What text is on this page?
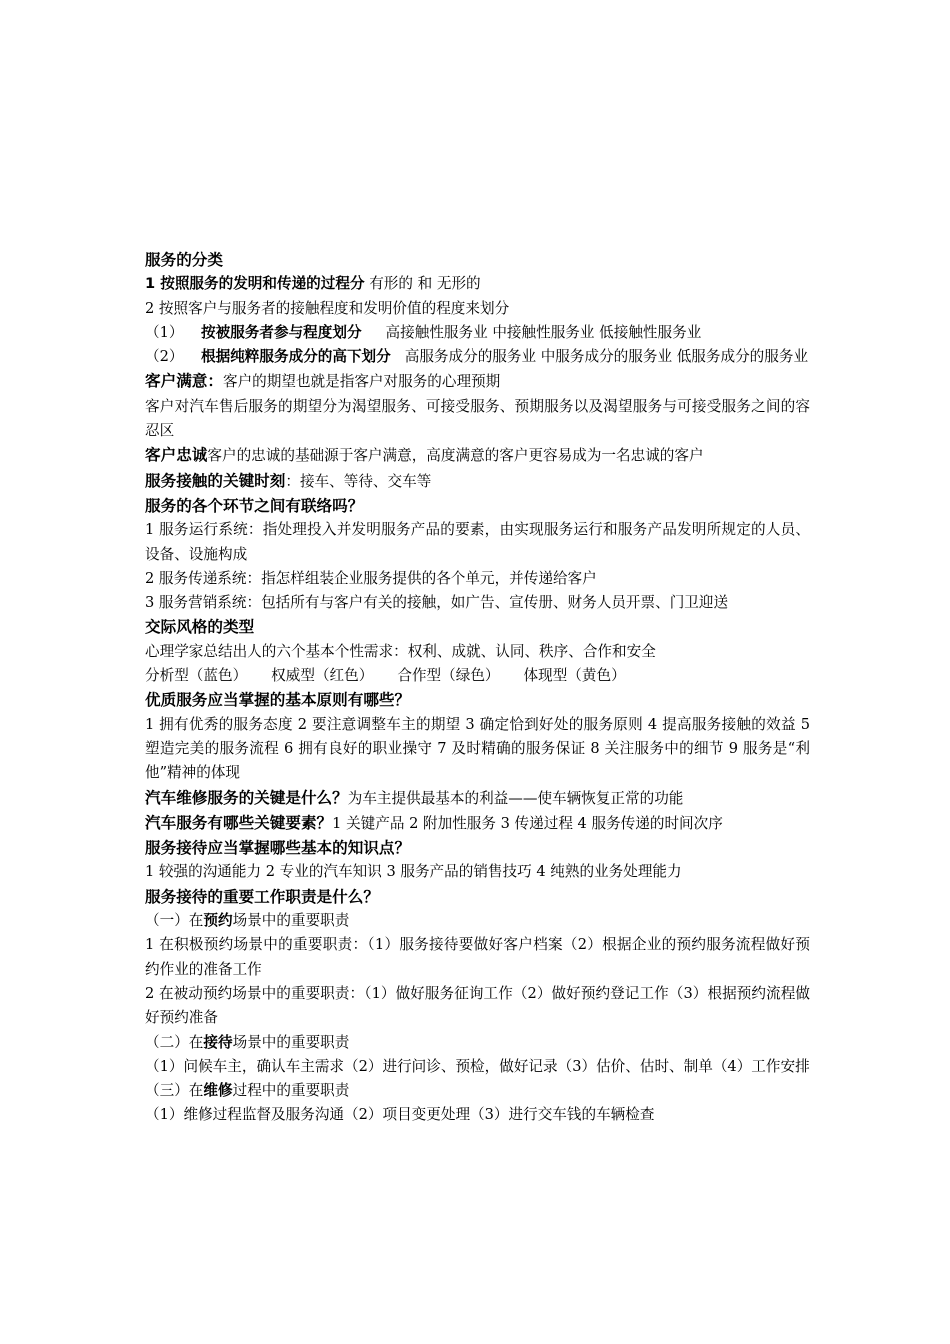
服务的分类

1 按照服务的发明和传递的过程分 有形的 和 无形的

2 按照客户与服务者的接触程度和发明价值的程度来划分

（1）	按被服务者参与程度划分 高接触性服务业 中接触性服务业 低接触性服务业
（2）	根据纯粹服务成分的高下划分 高服务成分的服务业 中服务成分的服务业 低服务成分的服务业

客户满意：客户的期望也就是指客户对服务的心理预期

客户对汽车售后服务的期望分为渴望服务、可接受服务、预期服务以及渴望服务与可接受服务之间的容忍区

客户忠诚客户的忠诚的基础源于客户满意，高度满意的客户更容易成为一名忠诚的客户

服务接触的关键时刻：接车、等待、交车等

服务的各个环节之间有联络吗？

1 服务运行系统：指处理投入并发明服务产品的要素，由实现服务运行和服务产品发明所规定的人员、设备、设施构成

2 服务传递系统：指怎样组装企业服务提供的各个单元，并传递给客户

3 服务营销系统：包括所有与客户有关的接触，如广告、宣传册、财务人员开票、门卫迎送

交际风格的类型

心理学家总结出人的六个基本个性需求：权利、成就、认同、秩序、合作和安全

分析型（蓝色） 权威型（红色） 合作型（绿色） 体现型（黄色）

优质服务应当掌握的基本原则有哪些？

1 拥有优秀的服务态度 2 要注意调整车主的期望 3 确定恰到好处的服务原则 4 提高服务接触的效益 5 塑造完美的服务流程 6 拥有良好的职业操守 7 及时精确的服务保证 8 关注服务中的细节 9 服务是“利他”精神的体现

汽车维修服务的关键是什么？为车主提供最基本的利益——使车辆恢复正常的功能

汽车服务有哪些关键要素？1 关键产品 2 附加性服务 3 传递过程 4 服务传递的时间次序

服务接待应当掌握哪些基本的知识点？

1 较强的沟通能力 2 专业的汽车知识 3 服务产品的销售技巧 4 纯熟的业务处理能力

服务接待的重要工作职责是什么？

（一）在预约场景中的重要职责

1 在积极预约场景中的重要职责：（1）服务接待要做好客户档案（2）根据企业的预约服务流程做好预约作业的准备工作

2 在被动预约场景中的重要职责：（1）做好服务征询工作（2）做好预约登记工作（3）根据预约流程做好预约准备

（二）在接待场景中的重要职责

（1）问候车主，确认车主需求（2）进行问诊、预检，做好记录（3）估价、估时、制单（4）工作安排

（三）在维修过程中的重要职责

（1）维修过程监督及服务沟通（2）项目变更处理（3）进行交车钱的车辆检查
